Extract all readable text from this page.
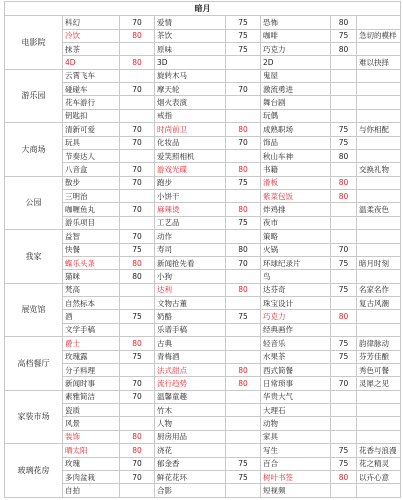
暗月							
电影院	科幻	70	爱情	75	恐怖	80	
	冷饮	80	茶饮	75	咖啡	75	急切的模样
	抹茶		原味	75	巧克力	80	
	4D	80	3D		2D		难以抉择
游乐园	云霄飞车		旋转木马		鬼屋		
	碰碰车	70	摩天轮	70	激流勇进		
	花车游行		烟火表演		舞台剧		
	钥匙扣		戒指		玩偶		
大商场	清新可爱	70	时尚前卫	80	成熟职场	75	与你相配
	玩具	70	化妆品	70	饰品	75	
	节奏达人		爱笑照相机		秋山车神	80	
	八音盒	70	游戏光碟	80	书籍		交换礼物
公园	散步	70	跑步	75	滑板	80	
	三明治		小饼干		紫菜包饭	80	
	咖喱鱼丸	70	麻辣烫	80	炸鸡排		温柔夜色
	游乐项目		工艺品	75	夜市		
我家	益智	70	动作		策略		
	快餐	75	寿司	80	火锅	70	
	蝶乐头条	80	新闻抢先看	70	环球纪录片	75	暗月时刻
	猫咪	80	小狗		鸟		
展览馆	梵高		达利	80	达芬奇	75	名家名作
	自然标本		文物古董		珠宝设计		复古风潮
	酒	75	奶酪	75	巧克力	80	
	文学手稿		乐谱手稿		经典画作		
高档餐厅	爵士	80	古典		轻音乐	75	韵律脉动
	玫瑰露	75	青梅酒		水果茶	75	芬芳佳酿
	分子料理		法式甜点	80	西式简餐		秀色可餐
	新闻时事	70	流行趋势	80	日常琐事	70	灵犀之见
家装市场	素雅简洁	70	温馨童趣		华贵大气		
	瓷质		竹木		大理石		
	风景		人物		动物		
	装饰	80	厨房用品		家具		
玻璃花房	晒太阳	80	浇花		写生	75	花香与浪漫
	玫瑰	70	郁金香	75	百合	75	花之精灵
	多肉盆栽	70	鲜花花环	75	树叶书签	80	以卉心意
	自拍		合影		短视频		
